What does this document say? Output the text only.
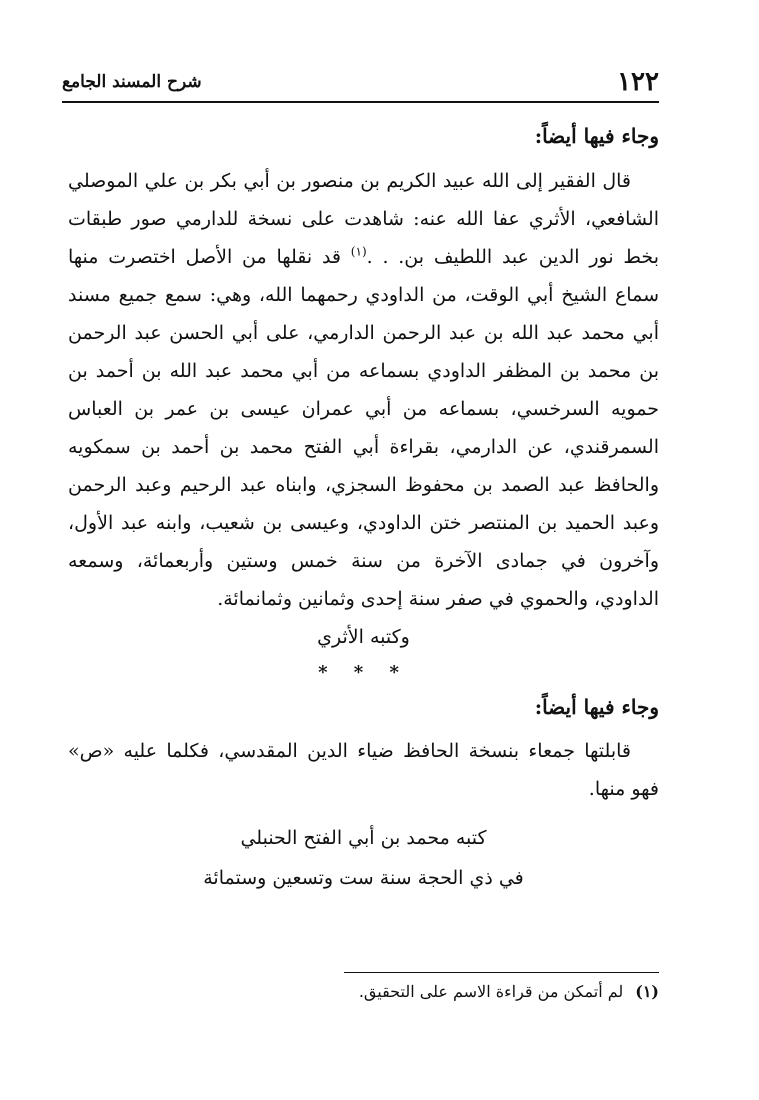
١٢٢
شرح المسند الجامع
وجاء فيها أيضاً:

قال الفقير إلى الله عبيد الكريم بن منصور بن أبي بكر بن علي الموصلي الشافعي، الأثري عفا الله عنه: شاهدت على نسخة للدارمي صور طبقات بخط نور الدين عبد اللطيف بن. . .$^{(١)}$ قد نقلها من الأصل اختصرت منها سماع الشيخ أبي الوقت، من الداودي رحمهما الله، وهي: سمع جميع مسند أبي محمد عبد الله بن عبد الرحمن الدارمي، على أبي الحسن عبد الرحمن بن محمد بن المظفر الداودي بسماعه من أبي محمد عبد الله بن أحمد بن حمويه السرخسي، بسماعه من أبي عمران عيسى بن عمر بن العباس السمرقندي، عن الدارمي، بقراءة أبي الفتح محمد بن أحمد بن سمكويه والحافظ عبد الصمد بن محفوظ السجزي، وابناه عبد الرحيم وعبد الرحمن وعبد الحميد بن المنتصر ختن الداودي، وعيسى بن شعيب، وابنه عبد الأول، وآخرون في جمادى الآخرة من سنة خمس وستين وأربعمائة، وسمعه الداودي، والحموي في صفر سنة إحدى وثمانين وثمانمائة.

وكتبه الأثري
* * *
وجاء فيها أيضاً:

قابلتها جمعاء بنسخة الحافظ ضياء الدين المقدسي، فكلما عليه «ص» فهو منها.

كتبه محمد بن أبي الفتح الحنبلي
في ذي الحجة سنة ست وتسعين وستمائة
(١)لم أتمكن من قراءة الاسم على التحقيق.
